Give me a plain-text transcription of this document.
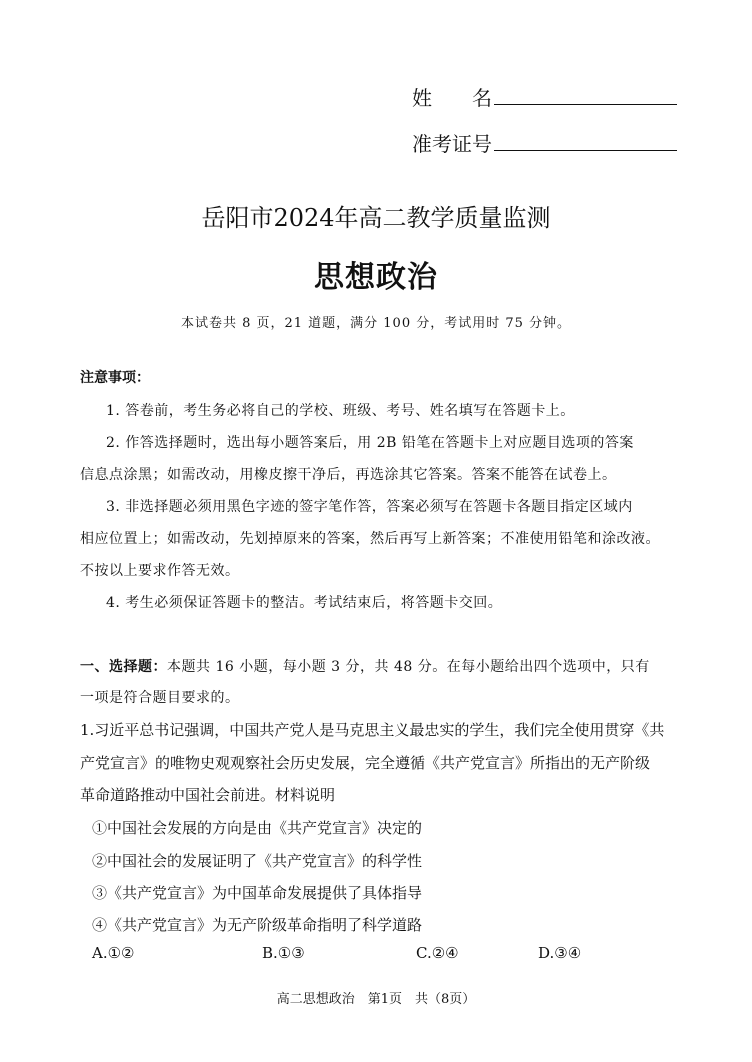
姓　　名
准考证号
岳阳市2024年高二教学质量监测
思想政治
本试卷共 8 页，21 道题，满分 100 分，考试用时 75 分钟。
注意事项：
1. 答卷前，考生务必将自己的学校、班级、考号、姓名填写在答题卡上。
2. 作答选择题时，选出每小题答案后，用 2B 铅笔在答题卡上对应题目选项的答案
信息点涂黑；如需改动，用橡皮擦干净后，再选涂其它答案。答案不能答在试卷上。
3. 非选择题必须用黑色字迹的签字笔作答，答案必须写在答题卡各题目指定区域内
相应位置上；如需改动，先划掉原来的答案，然后再写上新答案；不准使用铅笔和涂改液。
不按以上要求作答无效。
4. 考生必须保证答题卡的整洁。考试结束后，将答题卡交回。
一、选择题：本题共 16 小题，每小题 3 分，共 48 分。在每小题给出四个选项中，只有
一项是符合题目要求的。
1.习近平总书记强调，中国共产党人是马克思主义最忠实的学生，我们完全使用贯穿《共
产党宣言》的唯物史观观察社会历史发展，完全遵循《共产党宣言》所指出的无产阶级
革命道路推动中国社会前进。材料说明
①中国社会发展的方向是由《共产党宣言》决定的
②中国社会的发展证明了《共产党宣言》的科学性
③《共产党宣言》为中国革命发展提供了具体指导
④《共产党宣言》为无产阶级革命指明了科学道路
A.①②	B.①③	C.②④	D.③④
高二思想政治　第1页　共（8页）
